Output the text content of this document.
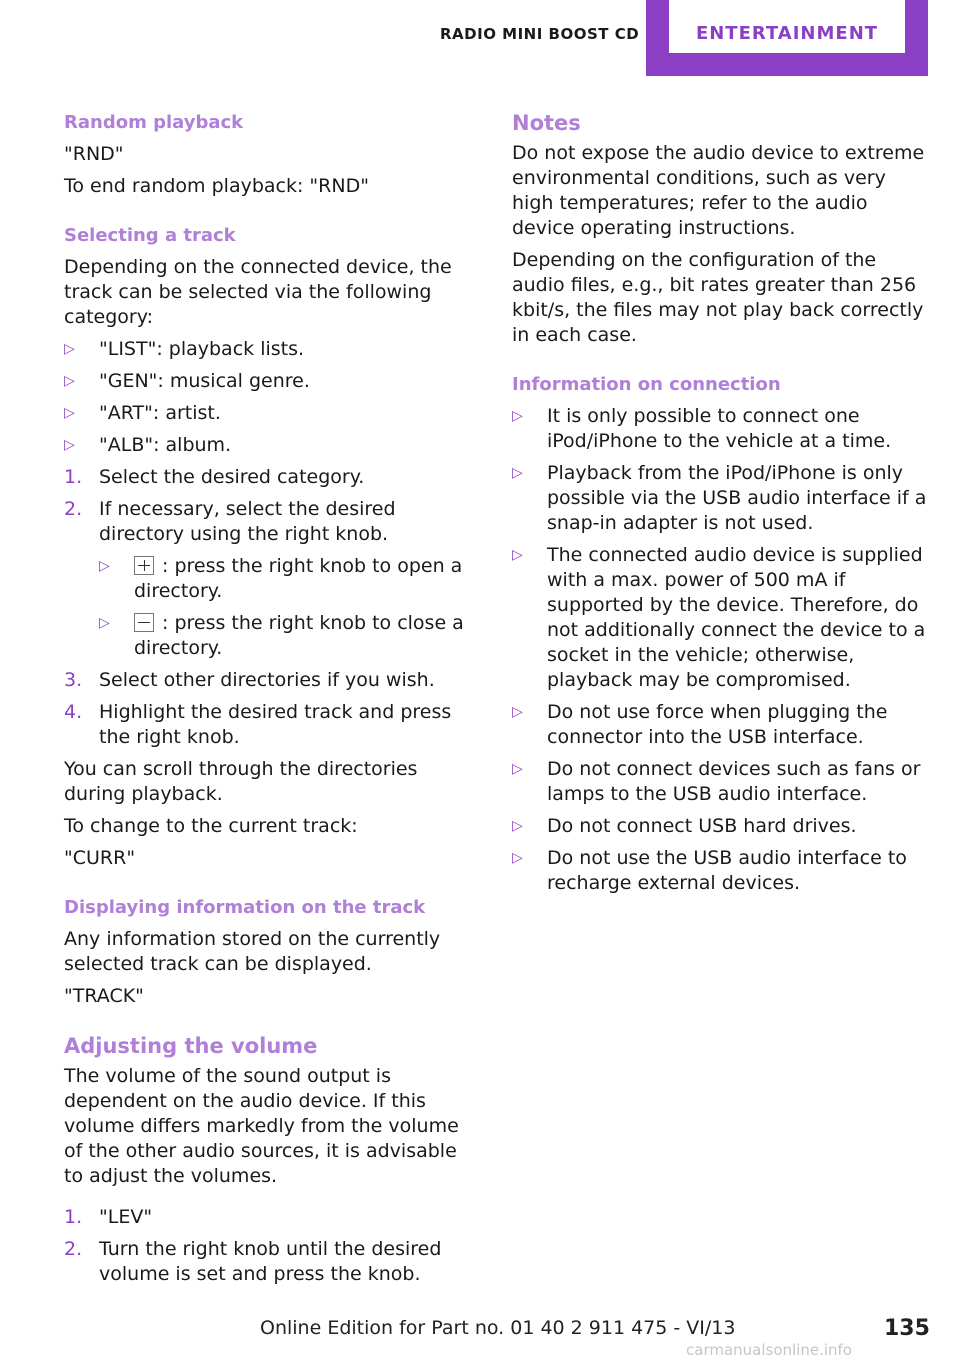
RADIO MINI BOOST CD	ENTERTAINMENT
Random playback

"RND"

To end random playback: "RND"

Selecting a track

Depending on the connected device, the track can be selected via the following category:

▷ "LIST": playback lists.
▷ "GEN": musical genre.
▷ "ART": artist.
▷ "ALB": album.
1. Select the desired category.
2. If necessary, select the desired directory using the right knob.
▷	: press the right knob to open a directory.
▷	: press the right knob to close a directory.
3. Select other directories if you wish.
4. Highlight the desired track and press the right knob.

You can scroll through the directories during playback.

To change to the current track:

"CURR"

Displaying information on the track

Any information stored on the currently selected track can be displayed.

"TRACK"

Adjusting the volume

The volume of the sound output is dependent on the audio device. If this volume differs markedly from the volume of the other audio sources, it is advisable to adjust the volumes.

1. "LEV"
2. Turn the right knob until the desired volume is set and press the knob.
Notes

Do not expose the audio device to extreme environmental conditions, such as very high temperatures; refer to the audio device operating instructions.

Depending on the configuration of the audio files, e.g., bit rates greater than 256 kbit/s, the files may not play back correctly in each case.

Information on connection
▷ It is only possible to connect one iPod/iPhone to the vehicle at a time.
▷ Playback from the iPod/iPhone is only possible via the USB audio interface if a snap-in adapter is not used.
▷ The connected audio device is supplied with a max. power of 500 mA if supported by the device. Therefore, do not additionally connect the device to a socket in the vehicle; otherwise, playback may be compromised.
▷ Do not use force when plugging the connector into the USB interface.
▷ Do not connect devices such as fans or lamps to the USB audio interface.
▷ Do not connect USB hard drives.
▷ Do not use the USB audio interface to recharge external devices.
Online Edition for Part no. 01 40 2 911 475 - VI/13	135
carmanualsonline.info
